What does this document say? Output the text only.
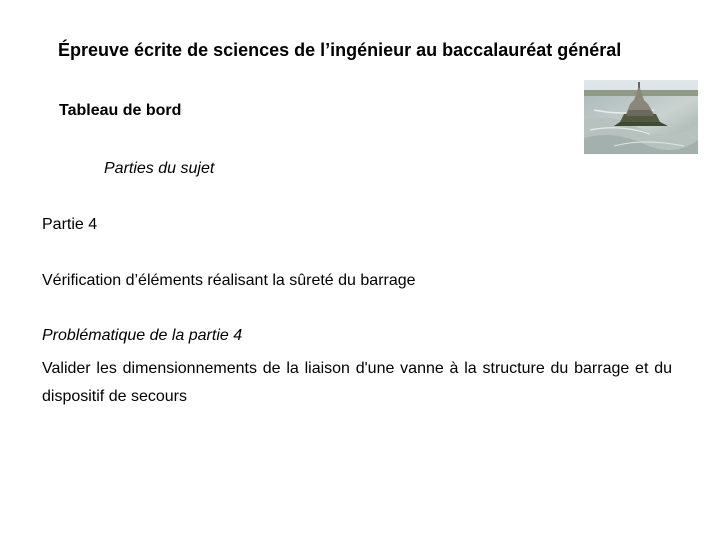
Épreuve écrite de sciences de l’ingénieur au baccalauréat général
Tableau de bord
Parties du sujet
Partie 4
Vérification d’éléments réalisant la sûreté du barrage
Problématique de la partie 4
Valider les dimensionnements de la liaison d'une vanne à la structure du barrage et du dispositif de secours
